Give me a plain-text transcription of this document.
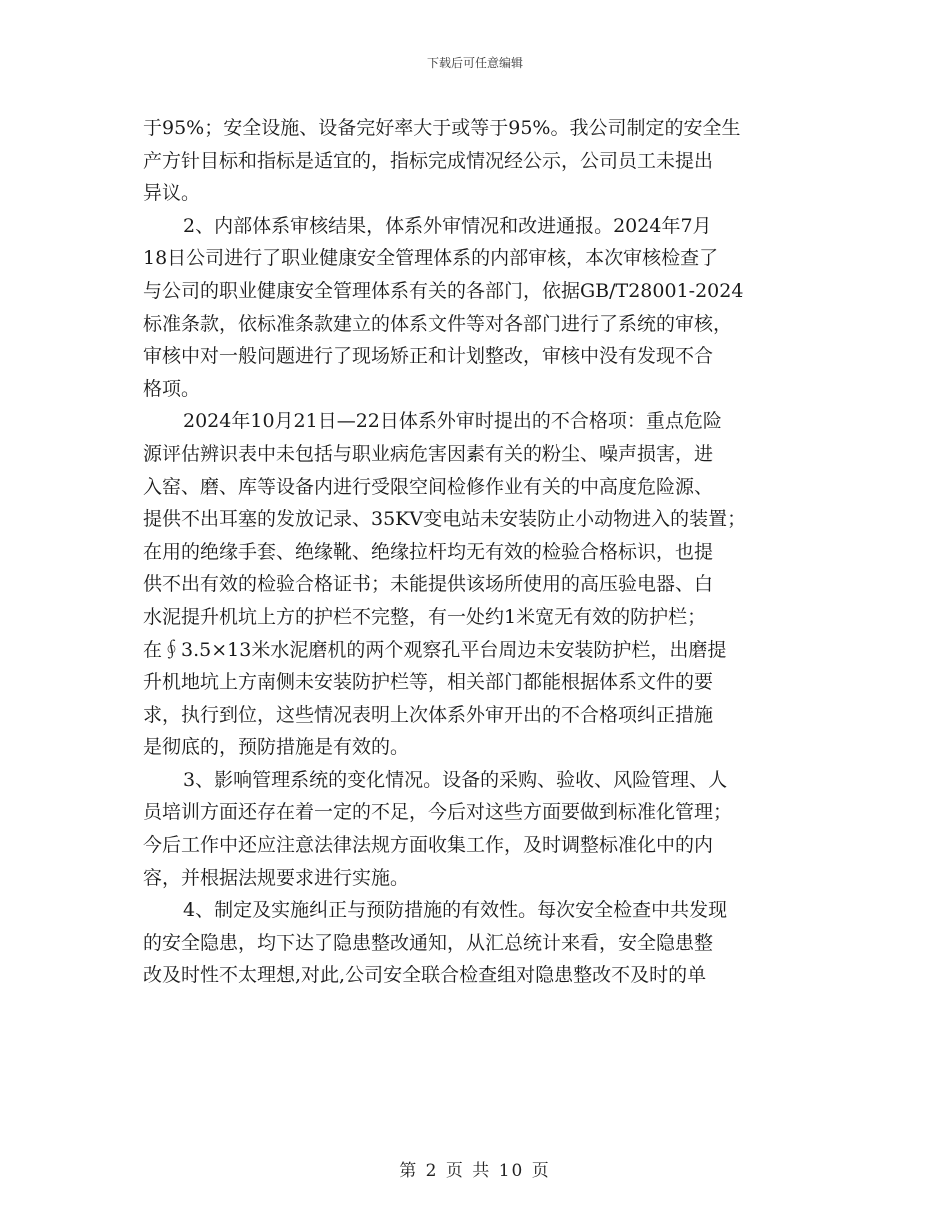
下载后可任意编辑
于95%；安全设施、设备完好率大于或等于95%。我公司制定的安全生
产方针目标和指标是适宜的，指标完成情况经公示，公司员工未提出
异议。
2、内部体系审核结果，体系外审情况和改进通报。2024年7月
18日公司进行了职业健康安全管理体系的内部审核，本次审核检查了
与公司的职业健康安全管理体系有关的各部门，依据GB/T28001-2024
标准条款，依标准条款建立的体系文件等对各部门进行了系统的审核，
审核中对一般问题进行了现场矫正和计划整改，审核中没有发现不合
格项。
2024年10月21日—22日体系外审时提出的不合格项：重点危险
源评估辨识表中未包括与职业病危害因素有关的粉尘、噪声损害，进
入窑、磨、库等设备内进行受限空间检修作业有关的中高度危险源、
提供不出耳塞的发放记录、35KV变电站未安装防止小动物进入的装置；
在用的绝缘手套、绝缘靴、绝缘拉杆均无有效的检验合格标识，也提
供不出有效的检验合格证书；未能提供该场所使用的高压验电器、白
水泥提升机坑上方的护栏不完整，有一处约1米宽无有效的防护栏；
在∮3.5×13米水泥磨机的两个观察孔平台周边未安装防护栏，出磨提
升机地坑上方南侧未安装防护栏等，相关部门都能根据体系文件的要
求，执行到位，这些情况表明上次体系外审开出的不合格项纠正措施
是彻底的，预防措施是有效的。
3、影响管理系统的变化情况。设备的采购、验收、风险管理、人
员培训方面还存在着一定的不足，今后对这些方面要做到标准化管理；
今后工作中还应注意法律法规方面收集工作，及时调整标准化中的内
容，并根据法规要求进行实施。
4、制定及实施纠正与预防措施的有效性。每次安全检查中共发现
的安全隐患，均下达了隐患整改通知，从汇总统计来看，安全隐患整
改及时性不太理想,对此,公司安全联合检查组对隐患整改不及时的单
第 2 页 共 10 页
